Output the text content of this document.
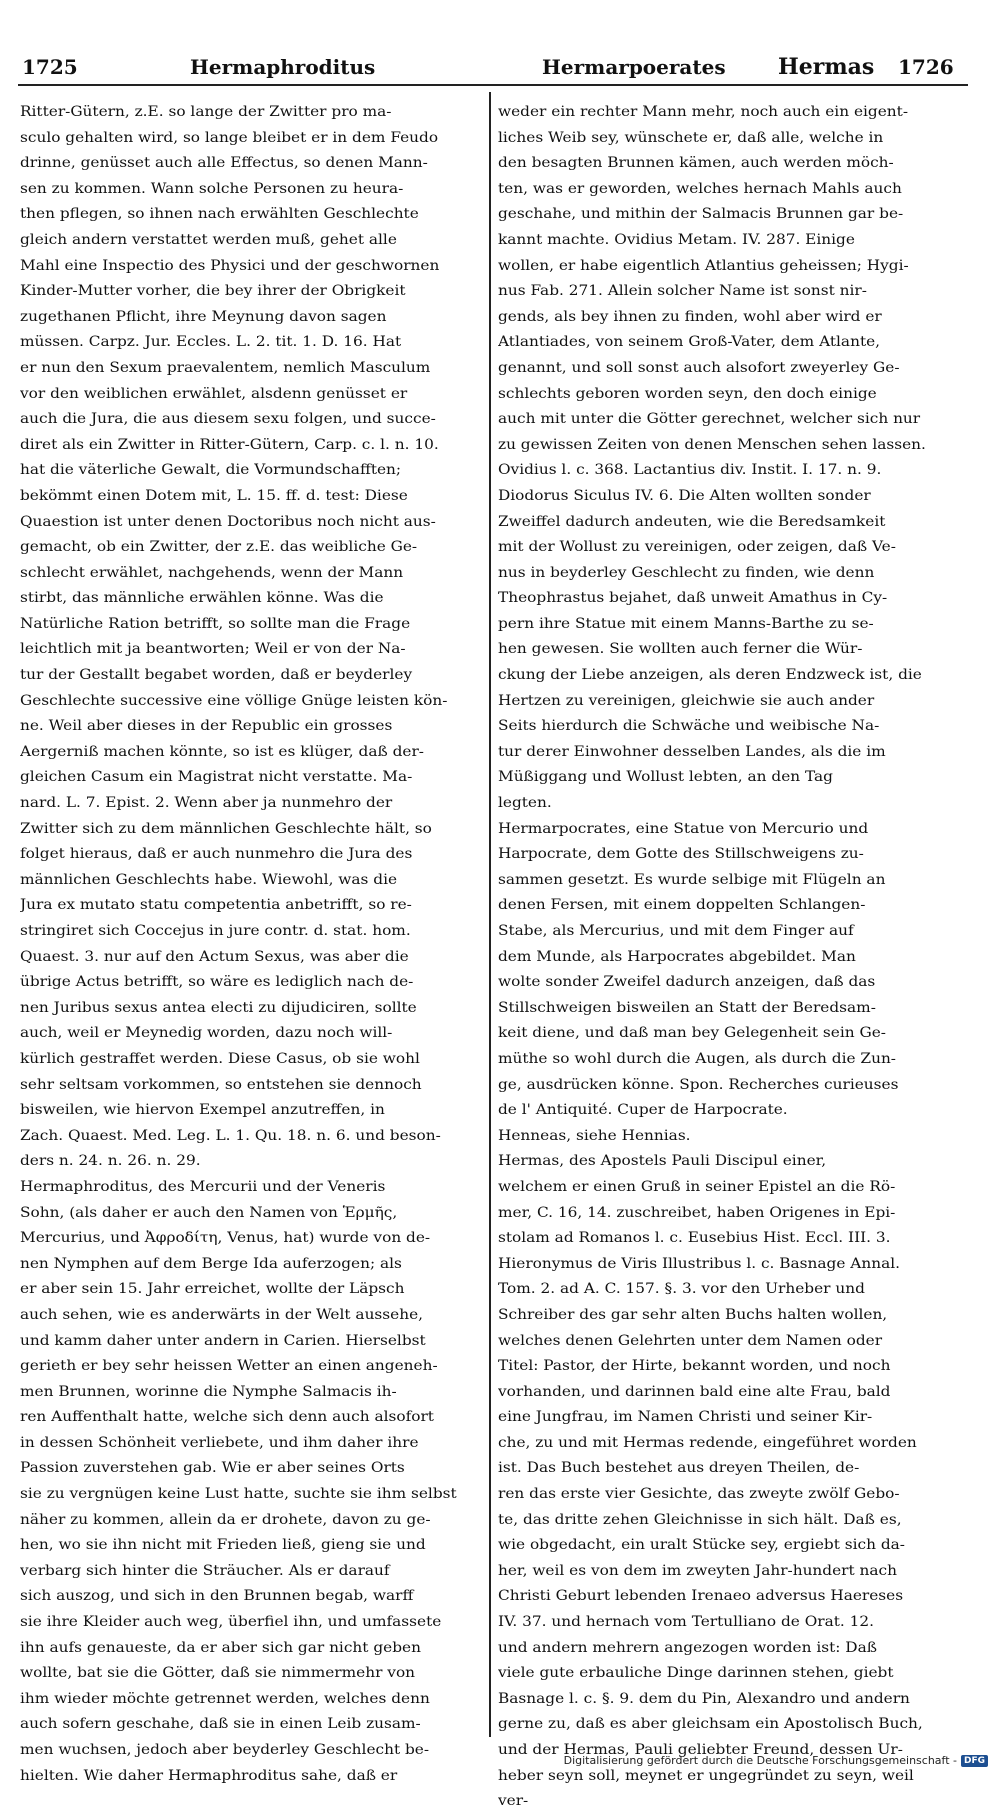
1725	Hermaphroditus	Hermarpoerates Hermas 1726
Ritter-Gütern, z.E. so lange der Zwitter pro ma-
sculo gehalten wird, so lange bleibet er in dem Feudo
drinne, genüsset auch alle Effectus, so denen Mann-
sen zu kommen. Wann solche Personen zu heura-
then pflegen, so ihnen nach erwählten Geschlechte
gleich andern verstattet werden muß, gehet alle
Mahl eine Inspectio des Physici und der geschwornen
Kinder-Mutter vorher, die bey ihrer der Obrigkeit
zugethanen Pflicht, ihre Meynung davon sagen
müssen. Carpz. Jur. Eccles. L. 2. tit. 1. D. 16. Hat
er nun den Sexum praevalentem, nemlich Masculum
vor den weiblichen erwählet, alsdenn genüsset er
auch die Jura, die aus diesem sexu folgen, und succe-
diret als ein Zwitter in Ritter-Gütern, Carp. c. l. n. 10.
hat die väterliche Gewalt, die Vormundschafften;
bekömmt einen Dotem mit, L. 15. ff. d. test: Diese
Quaestion ist unter denen Doctoribus noch nicht aus-
gemacht, ob ein Zwitter, der z.E. das weibliche Ge-
schlecht erwählet, nachgehends, wenn der Mann
stirbt, das männliche erwählen könne. Was die
Natürliche Ration betrifft, so sollte man die Frage
leichtlich mit ja beantworten; Weil er von der Na-
tur der Gestallt begabet worden, daß er beyderley
Geschlechte successive eine völlige Gnüge leisten kön-
ne. Weil aber dieses in der Republic ein grosses
Aergerniß machen könnte, so ist es klüger, daß der-
gleichen Casum ein Magistrat nicht verstatte. Ma-
nard. L. 7. Epist. 2. Wenn aber ja nunmehro der
Zwitter sich zu dem männlichen Geschlechte hält, so
folget hieraus, daß er auch nunmehro die Jura des
männlichen Geschlechts habe. Wiewohl, was die
Jura ex mutato statu competentia anbetrifft, so re-
stringiret sich Coccejus in jure contr. d. stat. hom.
Quaest. 3. nur auf den Actum Sexus, was aber die
übrige Actus betrifft, so wäre es lediglich nach de-
nen Juribus sexus antea electi zu dijudiciren, sollte
auch, weil er Meynedig worden, dazu noch will-
kürlich gestraffet werden. Diese Casus, ob sie wohl
sehr seltsam vorkommen, so entstehen sie dennoch
bisweilen, wie hiervon Exempel anzutreffen, in
Zach. Quaest. Med. Leg. L. 1. Qu. 18. n. 6. und beson-
ders n. 24. n. 26. n. 29.
Hermaphroditus, des Mercurii und der Veneris
Sohn, (als daher er auch den Namen von Ἑρμῆς,
Mercurius, und Ἀφροδίτη, Venus, hat) wurde von de-
nen Nymphen auf dem Berge Ida auferzogen; als
er aber sein 15. Jahr erreichet, wollte der Läpsch
auch sehen, wie es anderwärts in der Welt aussehe,
und kamm daher unter andern in Carien. Hierselbst
gerieth er bey sehr heissen Wetter an einen angeneh-
men Brunnen, worinne die Nymphe Salmacis ih-
ren Auffenthalt hatte, welche sich denn auch alsofort
in dessen Schönheit verliebete, und ihm daher ihre
Passion zuverstehen gab. Wie er aber seines Orts
sie zu vergnügen keine Lust hatte, suchte sie ihm selbst
näher zu kommen, allein da er drohete, davon zu ge-
hen, wo sie ihn nicht mit Frieden ließ, gieng sie und
verbarg sich hinter die Sträucher. Als er darauf
sich auszog, und sich in den Brunnen begab, warff
sie ihre Kleider auch weg, überfiel ihn, und umfassete
ihn aufs genaueste, da er aber sich gar nicht geben
wollte, bat sie die Götter, daß sie nimmermehr von
ihm wieder möchte getrennet werden, welches denn
auch sofern geschahe, daß sie in einen Leib zusam-
men wuchsen, jedoch aber beyderley Geschlecht be-
hielten. Wie daher Hermaphroditus sahe, daß er
weder ein rechter Mann mehr, noch auch ein eigent-
liches Weib sey, wünschete er, daß alle, welche in
den besagten Brunnen kämen, auch werden möch-
ten, was er geworden, welches hernach Mahls auch
geschahe, und mithin der Salmacis Brunnen gar be-
kannt machte. Ovidius Metam. IV. 287. Einige
wollen, er habe eigentlich Atlantius geheissen; Hygi-
nus Fab. 271. Allein solcher Name ist sonst nir-
gends, als bey ihnen zu finden, wohl aber wird er
Atlantiades, von seinem Groß-Vater, dem Atlante,
genannt, und soll sonst auch alsofort zweyerley Ge-
schlechts geboren worden seyn, den doch einige
auch mit unter die Götter gerechnet, welcher sich nur
zu gewissen Zeiten von denen Menschen sehen lassen.
Ovidius l. c. 368. Lactantius div. Instit. I. 17. n. 9.
Diodorus Siculus IV. 6. Die Alten wollten sonder
Zweiffel dadurch andeuten, wie die Beredsamkeit
mit der Wollust zu vereinigen, oder zeigen, daß Ve-
nus in beyderley Geschlecht zu finden, wie denn
Theophrastus bejahet, daß unweit Amathus in Cy-
pern ihre Statue mit einem Manns-Barthe zu se-
hen gewesen. Sie wollten auch ferner die Wür-
ckung der Liebe anzeigen, als deren Endzweck ist, die
Hertzen zu vereinigen, gleichwie sie auch ander
Seits hierdurch die Schwäche und weibische Na-
tur derer Einwohner desselben Landes, als die im
Müßiggang und Wollust lebten, an den Tag
legten.
Hermarpocrates, eine Statue von Mercurio und
Harpocrate, dem Gotte des Stillschweigens zu-
sammen gesetzt. Es wurde selbige mit Flügeln an
denen Fersen, mit einem doppelten Schlangen-
Stabe, als Mercurius, und mit dem Finger auf
dem Munde, als Harpocrates abgebildet. Man
wolte sonder Zweifel dadurch anzeigen, daß das
Stillschweigen bisweilen an Statt der Beredsam-
keit diene, und daß man bey Gelegenheit sein Ge-
müthe so wohl durch die Augen, als durch die Zun-
ge, ausdrücken könne. Spon. Recherches curieuses
de l' Antiquité. Cuper de Harpocrate.
Henneas, siehe Hennias.
Hermas, des Apostels Pauli Discipul einer,
welchem er einen Gruß in seiner Epistel an die Rö-
mer, C. 16, 14. zuschreibet, haben Origenes in Epi-
stolam ad Romanos l. c. Eusebius Hist. Eccl. III. 3.
Hieronymus de Viris Illustribus l. c. Basnage Annal.
Tom. 2. ad A. C. 157. §. 3. vor den Urheber und
Schreiber des gar sehr alten Buchs halten wollen,
welches denen Gelehrten unter dem Namen oder
Titel: Pastor, der Hirte, bekannt worden, und noch
vorhanden, und darinnen bald eine alte Frau, bald
eine Jungfrau, im Namen Christi und seiner Kir-
che, zu und mit Hermas redende, eingeführet worden
ist. Das Buch bestehet aus dreyen Theilen, de-
ren das erste vier Gesichte, das zweyte zwölf Gebo-
te, das dritte zehen Gleichnisse in sich hält. Daß es,
wie obgedacht, ein uralt Stücke sey, ergiebt sich da-
her, weil es von dem im zweyten Jahr-hundert nach
Christi Geburt lebenden Irenaeo adversus Haereses
IV. 37. und hernach vom Tertulliano de Orat. 12.
und andern mehrern angezogen worden ist: Daß
viele gute erbauliche Dinge darinnen stehen, giebt
Basnage l. c. §. 9. dem du Pin, Alexandro und andern
gerne zu, daß es aber gleichsam ein Apostolisch Buch,
und der Hermas, Pauli geliebter Freund, dessen Ur-
heber seyn soll, meynet er ungegründet zu seyn, weil
ver-
Digitalisierung gefördert durch die Deutsche Forschungsgemeinschaft - DFG
